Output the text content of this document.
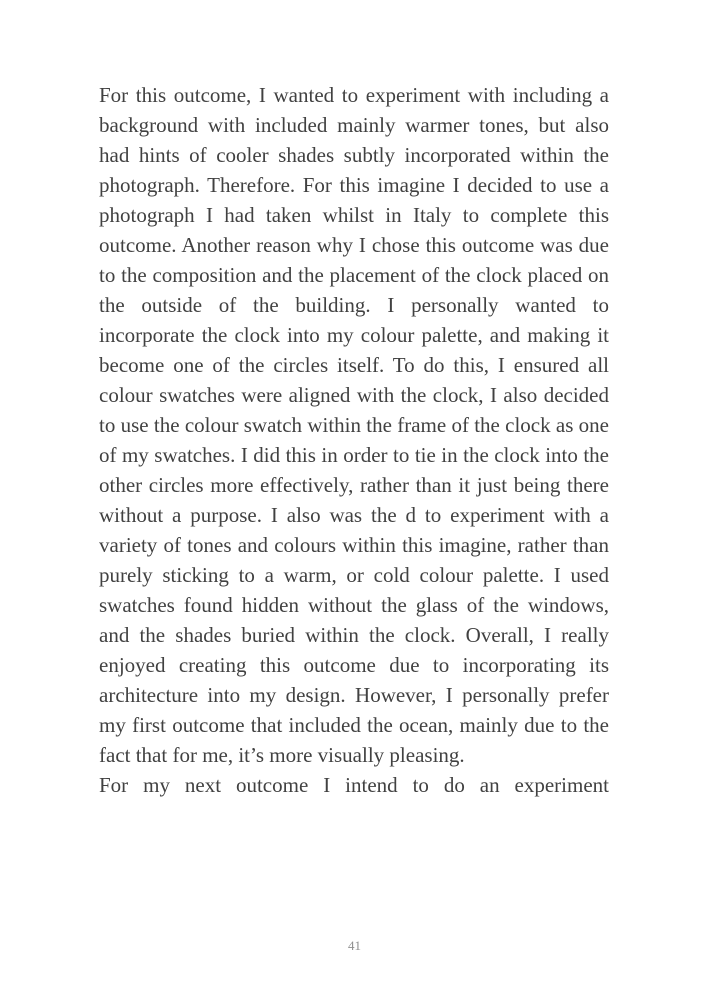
For this outcome, I wanted to experiment with including a background with included mainly warmer tones, but also had hints of cooler shades subtly incorporated within the photograph. Therefore. For this imagine I decided to use a photograph I had taken whilst in Italy to complete this outcome. Another reason why I chose this outcome was due to the composition and the placement of the clock placed on the outside of the building. I personally wanted to incorporate the clock into my colour palette, and making it become one of the circles itself. To do this, I ensured all colour swatches were aligned with the clock, I also decided to use the colour swatch within the frame of the clock as one of my swatches. I did this in order to tie in the clock into the other circles more effectively, rather than it just being there without a purpose. I also was the d to experiment with a variety of tones and colours within this imagine, rather than purely sticking to a warm, or cold colour palette. I used swatches found hidden without the glass of the windows, and the shades buried within the clock. Overall, I really enjoyed creating this outcome due to incorporating its architecture into my design. However, I personally prefer my first outcome that included the ocean, mainly due to the fact that for me, it’s more visually pleasing.

For my next outcome I intend to do an experiment

41
